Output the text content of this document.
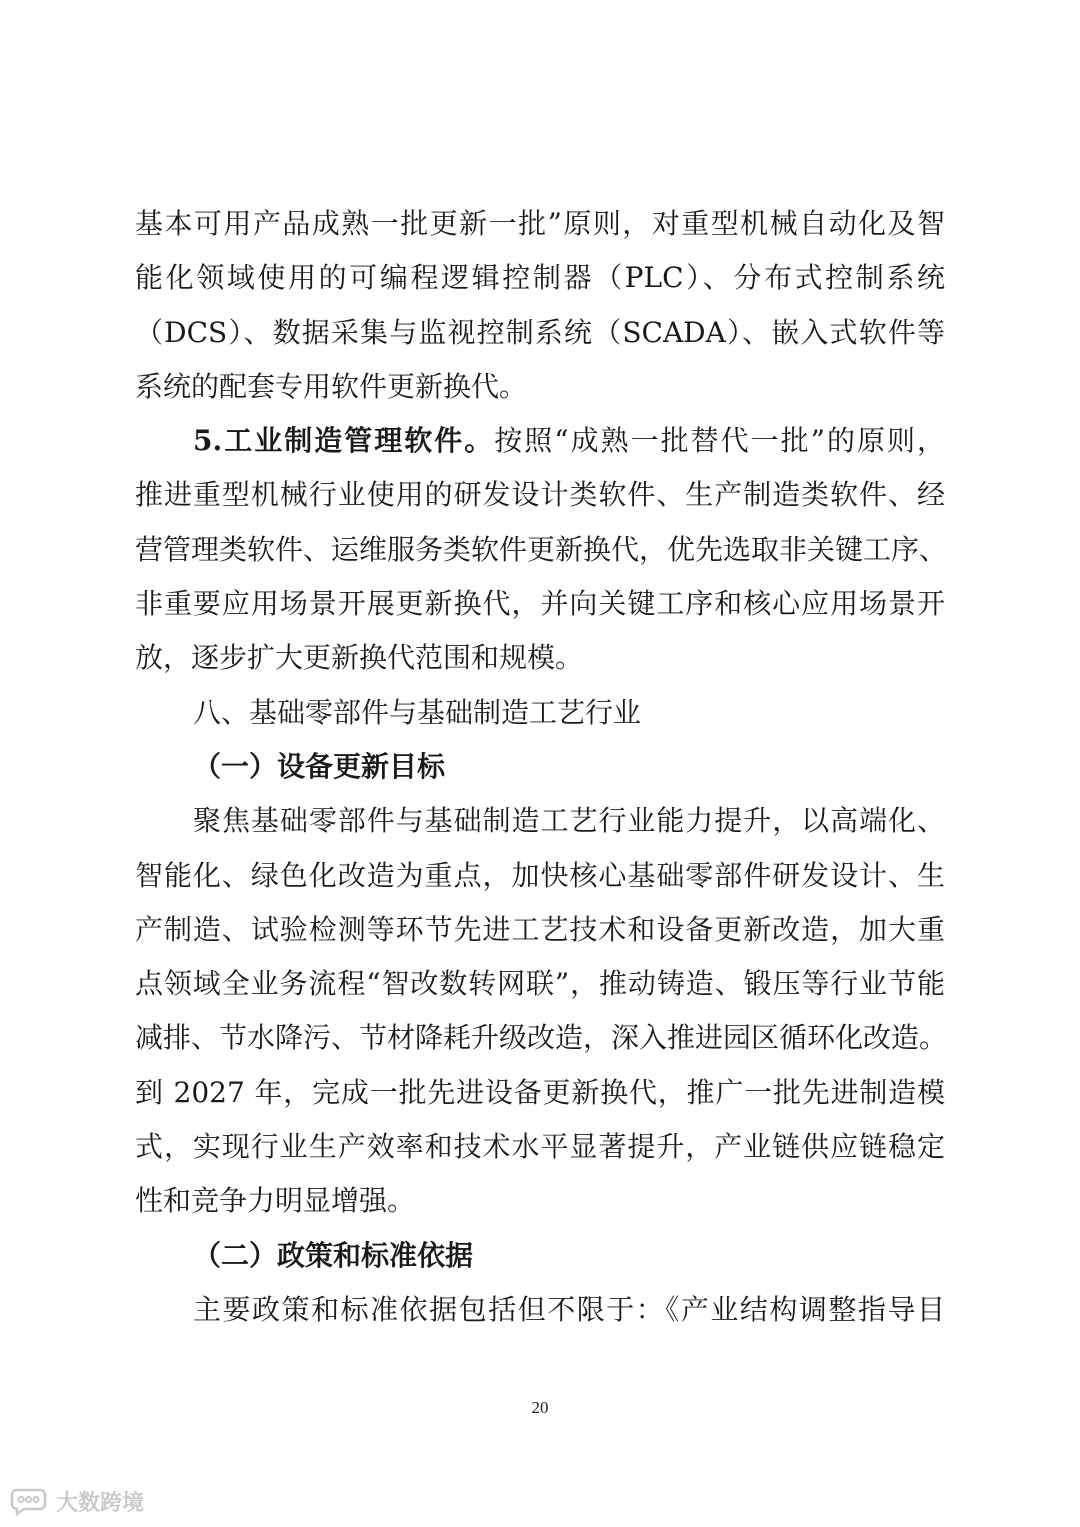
基本可用产品成熟一批更新一批”原则，对重型机械自动化及智
能化领域使用的可编程逻辑控制器（PLC）、分布式控制系统
（DCS）、数据采集与监视控制系统（SCADA）、嵌入式软件等
系统的配套专用软件更新换代。
5.工业制造管理软件。按照“成熟一批替代一批”的原则，
推进重型机械行业使用的研发设计类软件、生产制造类软件、经
营管理类软件、运维服务类软件更新换代，优先选取非关键工序、
非重要应用场景开展更新换代，并向关键工序和核心应用场景开
放，逐步扩大更新换代范围和规模。
八、基础零部件与基础制造工艺行业
（一）设备更新目标
聚焦基础零部件与基础制造工艺行业能力提升，以高端化、
智能化、绿色化改造为重点，加快核心基础零部件研发设计、生
产制造、试验检测等环节先进工艺技术和设备更新改造，加大重
点领域全业务流程“智改数转网联”，推动铸造、锻压等行业节能
减排、节水降污、节材降耗升级改造，深入推进园区循环化改造。
到 2027 年，完成一批先进设备更新换代，推广一批先进制造模
式，实现行业生产效率和技术水平显著提升，产业链供应链稳定
性和竞争力明显增强。
（二）政策和标准依据
主要政策和标准依据包括但不限于：《产业结构调整指导目
20
大数跨境
